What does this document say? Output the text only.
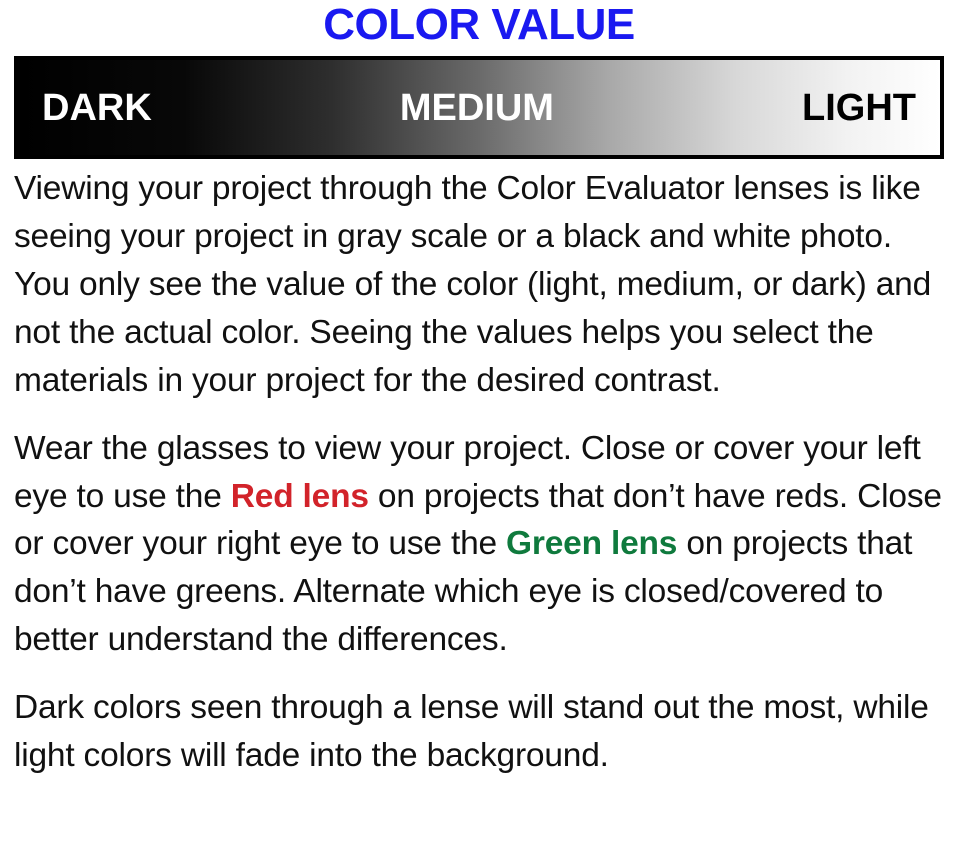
COLOR VALUE
DARK	MEDIUM	LIGHT

Viewing your project through the Color Evaluator lenses is like seeing your project in gray scale or a black and white photo. You only see the value of the color (light, medium, or dark) and not the actual color. Seeing the values helps you select the materials in your project for the desired contrast.

Wear the glasses to view your project. Close or cover your left eye to use the Red lens on projects that don’t have reds. Close or cover your right eye to use the Green lens on projects that don’t have greens. Alternate which eye is closed/covered to better understand the differences.

Dark colors seen through a lense will stand out the most, while light colors will fade into the background.
